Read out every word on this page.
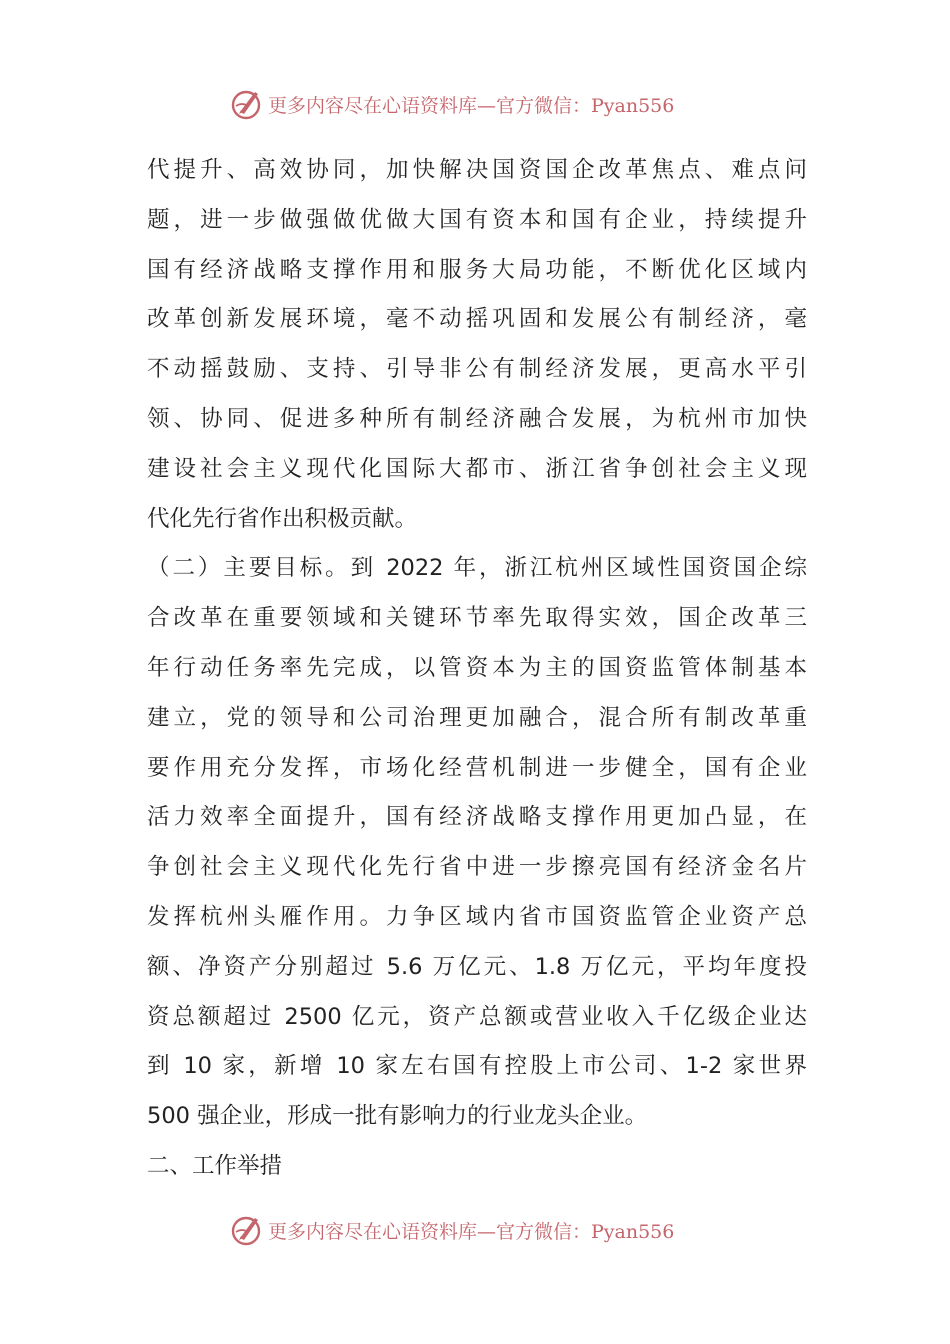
更多内容尽在心语资料库—官方微信：Pyan556
代提升、高效协同，加快解决国资国企改革焦点、难点问
题，进一步做强做优做大国有资本和国有企业，持续提升
国有经济战略支撑作用和服务大局功能，不断优化区域内
改革创新发展环境，毫不动摇巩固和发展公有制经济，毫
不动摇鼓励、支持、引导非公有制经济发展，更高水平引
领、协同、促进多种所有制经济融合发展，为杭州市加快
建设社会主义现代化国际大都市、浙江省争创社会主义现
代化先行省作出积极贡献。
（二）主要目标。到 2022 年，浙江杭州区域性国资国企综
合改革在重要领域和关键环节率先取得实效，国企改革三
年行动任务率先完成，以管资本为主的国资监管体制基本
建立，党的领导和公司治理更加融合，混合所有制改革重
要作用充分发挥，市场化经营机制进一步健全，国有企业
活力效率全面提升，国有经济战略支撑作用更加凸显，在
争创社会主义现代化先行省中进一步擦亮国有经济金名片
发挥杭州头雁作用。力争区域内省市国资监管企业资产总
额、净资产分别超过 5.6 万亿元、1.8 万亿元，平均年度投
资总额超过 2500 亿元，资产总额或营业收入千亿级企业达
到 10 家，新增 10 家左右国有控股上市公司、1-2 家世界
500 强企业，形成一批有影响力的行业龙头企业。
二、工作举措
更多内容尽在心语资料库—官方微信：Pyan556
